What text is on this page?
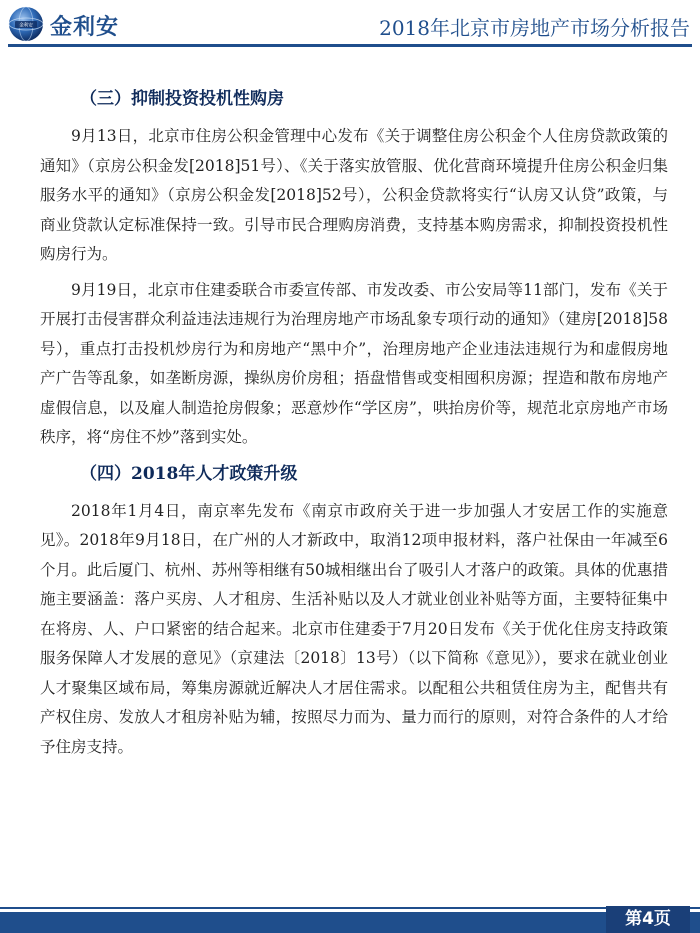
金利安 金利安	2018年北京市房地产市场分析报告
（三）抑制投资投机性购房

9月13日，北京市住房公积金管理中心发布《关于调整住房公积金个人住房贷款政策的通知》（京房公积金发[2018]51号）、《关于落实放管服、优化营商环境提升住房公积金归集服务水平的通知》（京房公积金发[2018]52号），公积金贷款将实行“认房又认贷”政策，与商业贷款认定标准保持一致。引导市民合理购房消费，支持基本购房需求，抑制投资投机性购房行为。

9月19日，北京市住建委联合市委宣传部、市发改委、市公安局等11部门，发布《关于开展打击侵害群众利益违法违规行为治理房地产市场乱象专项行动的通知》（建房[2018]58号），重点打击投机炒房行为和房地产“黑中介”，治理房地产企业违法违规行为和虚假房地产广告等乱象，如垄断房源，操纵房价房租；捂盘惜售或变相囤积房源；捏造和散布房地产虚假信息，以及雇人制造抢房假象；恶意炒作“学区房”，哄抬房价等，规范北京房地产市场秩序，将“房住不炒”落到实处。

（四）2018年人才政策升级

2018年1月4日，南京率先发布《南京市政府关于进一步加强人才安居工作的实施意见》。2018年9月18日，在广州的人才新政中，取消12项申报材料，落户社保由一年减至6个月。此后厦门、杭州、苏州等相继有50城相继出台了吸引人才落户的政策。具体的优惠措施主要涵盖：落户买房、人才租房、生活补贴以及人才就业创业补贴等方面，主要特征集中在将房、人、户口紧密的结合起来。北京市住建委于7月20日发布《关于优化住房支持政策服务保障人才发展的意见》（京建法〔2018〕13号）（以下简称《意见》），要求在就业创业人才聚集区域布局，筹集房源就近解决人才居住需求。以配租公共租赁住房为主，配售共有产权住房、发放人才租房补贴为辅，按照尽力而为、量力而行的原则，对符合条件的人才给予住房支持。

第4页
